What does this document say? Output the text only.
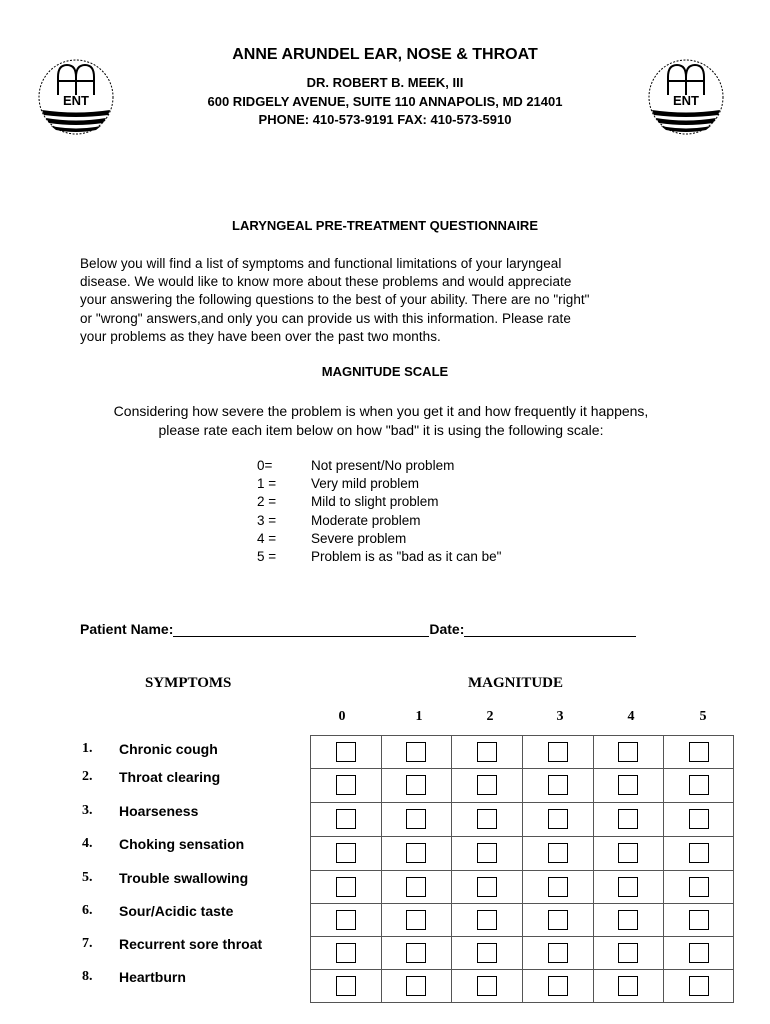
ENT	ENT
ANNE ARUNDEL EAR, NOSE & THROAT
DR. ROBERT B. MEEK, III
600 RIDGELY AVENUE, SUITE 110 ANNAPOLIS, MD 21401
PHONE: 410-573-9191 FAX: 410-573-5910
LARYNGEAL PRE-TREATMENT QUESTIONNAIRE
Below you will find a list of symptoms and functional limitations of your laryngeal
disease. We would like to know more about these problems and would appreciate
your answering the following questions to the best of your ability. There are no "right"
or "wrong" answers,and only you can provide us with this information. Please rate
your problems as they have been over the past two months.
MAGNITUDE SCALE
Considering how severe the problem is when you get it and how frequently it happens,
please rate each item below on how "bad" it is using the following scale:
0=	Not present/No problem
1 =	Very mild problem
2 =	Mild to slight problem
3 =	Moderate problem
4 =	Severe problem
5 =	Problem is as "bad as it can be"
Patient Name:	Date:
SYMPTOMS	MAGNITUDE
0	1	2	3	4	5
1. Chronic cough
2. Throat clearing
3. Hoarseness
4. Choking sensation
5. Trouble swallowing
6. Sour/Acidic taste
7. Recurrent sore throat
8. Heartburn
